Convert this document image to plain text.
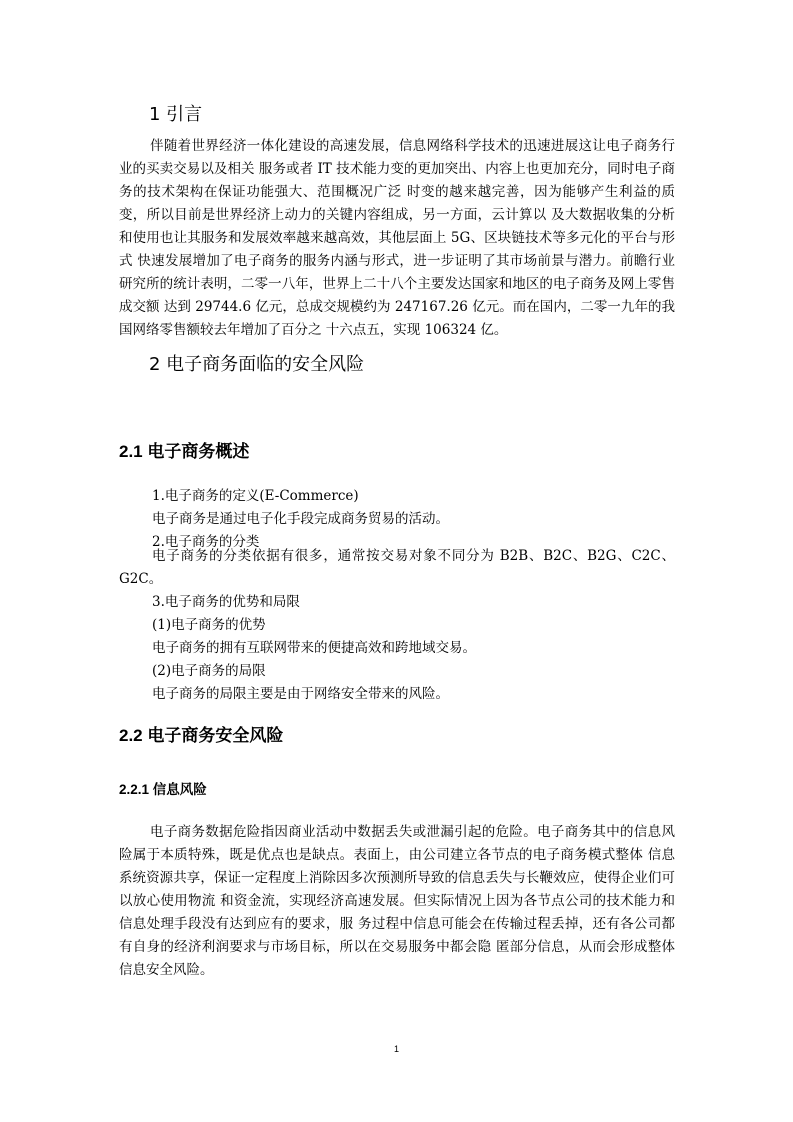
1 引言
伴随着世界经济一体化建设的高速发展，信息网络科学技术的迅速进展这让电子商务行业的买卖交易以及相关 服务或者 IT 技术能力变的更加突出、内容上也更加充分，同时电子商务的技术架构在保证功能强大、范围概况广泛 时变的越来越完善，因为能够产生利益的质变，所以目前是世界经济上动力的关键内容组成，另一方面，云计算以 及大数据收集的分析和使用也让其服务和发展效率越来越高效，其他层面上 5G、区块链技术等多元化的平台与形式 快速发展增加了电子商务的服务内涵与形式，进一步证明了其市场前景与潜力。前瞻行业研究所的统计表明，二零一八年，世界上二十八个主要发达国家和地区的电子商务及网上零售成交额 达到 29744.6 亿元，总成交规模约为 247167.26 亿元。而在国内，二零一九年的我国网络零售额较去年增加了百分之 十六点五，实现 106324 亿。
2 电子商务面临的安全风险
2.1 电子商务概述
1.电子商务的定义(E-Commerce)
电子商务是通过电子化手段完成商务贸易的活动。
2.电子商务的分类
电子商务的分类依据有很多，通常按交易对象不同分为 B2B、B2C、B2G、C2C、G2C。
3.电子商务的优势和局限
(1)电子商务的优势
电子商务的拥有互联网带来的便捷高效和跨地域交易。
(2)电子商务的局限
电子商务的局限主要是由于网络安全带来的风险。
2.2 电子商务安全风险
2.2.1 信息风险
电子商务数据危险指因商业活动中数据丢失或泄漏引起的危险。电子商务其中的信息风险属于本质特殊，既是优点也是缺点。表面上，由公司建立各节点的电子商务模式整体 信息系统资源共享，保证一定程度上消除因多次预测所导致的信息丢失与长鞭效应，使得企业们可以放心使用物流 和资金流，实现经济高速发展。但实际情况上因为各节点公司的技术能力和信息处理手段没有达到应有的要求，服 务过程中信息可能会在传输过程丢掉，还有各公司都有自身的经济利润要求与市场目标，所以在交易服务中都会隐 匿部分信息，从而会形成整体信息安全风险。
1
